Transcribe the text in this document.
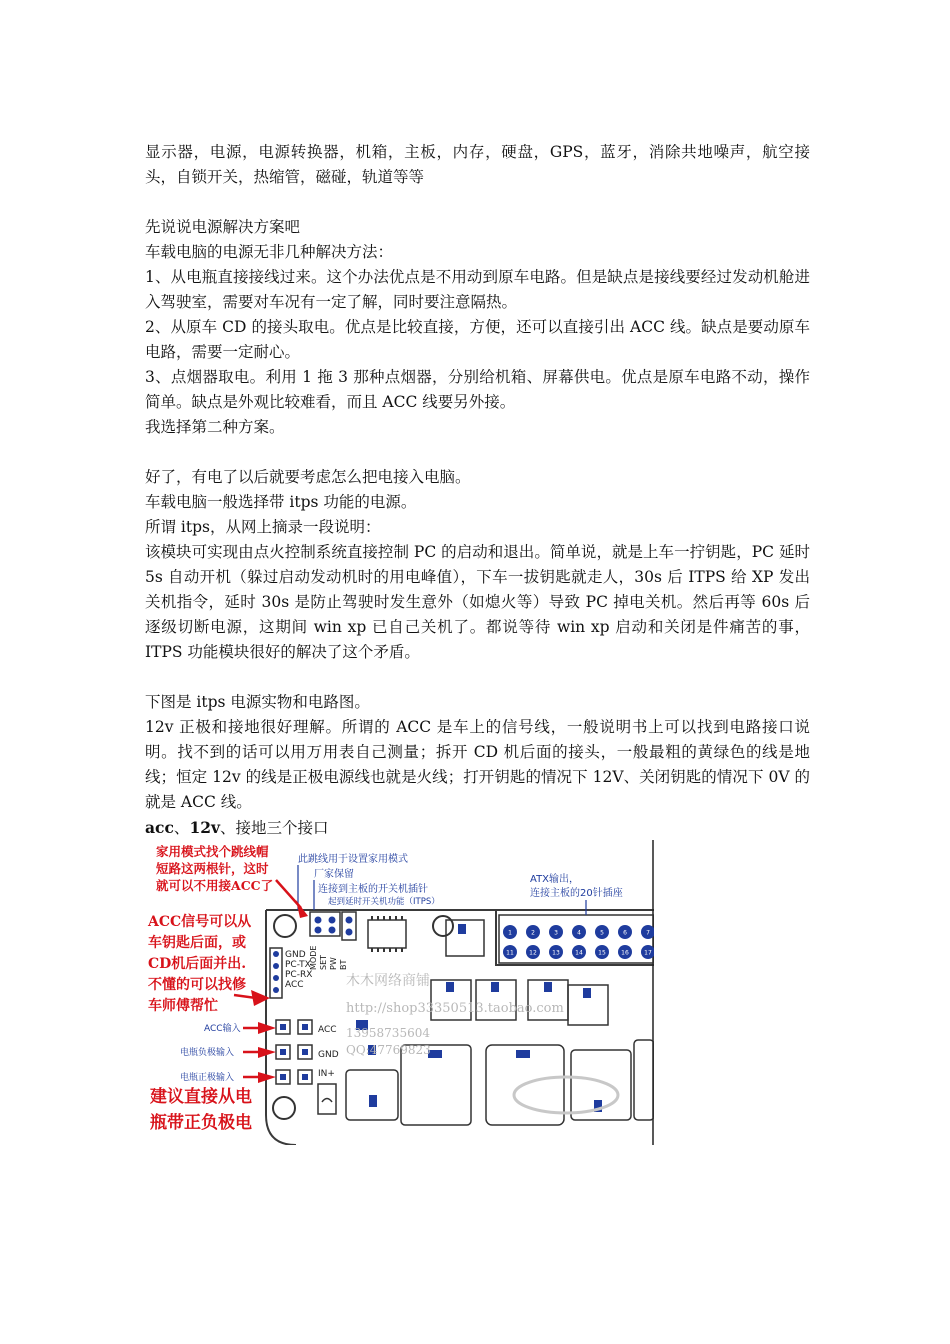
显示器，电源，电源转换器，机箱，主板，内存，硬盘，GPS，蓝牙，消除共地噪声，航空接头，自锁开关，热缩管，磁碰，轨道等等

先说说电源解决方案吧

车载电脑的电源无非几种解决方法：

1、从电瓶直接接线过来。这个办法优点是不用动到原车电路。但是缺点是接线要经过发动机舱进入驾驶室，需要对车况有一定了解，同时要注意隔热。

2、从原车 CD 的接头取电。优点是比较直接，方便，还可以直接引出 ACC 线。缺点是要动原车电路，需要一定耐心。

3、点烟器取电。利用 1 拖 3 那种点烟器，分别给机箱、屏幕供电。优点是原车电路不动，操作简单。缺点是外观比较难看，而且 ACC 线要另外接。

我选择第二种方案。

好了，有电了以后就要考虑怎么把电接入电脑。

车载电脑一般选择带 itps 功能的电源。

所谓 itps，从网上摘录一段说明：

该模块可实现由点火控制系统直接控制 PC 的启动和退出。简单说，就是上车一拧钥匙，PC 延时 5s 自动开机（躲过启动发动机时的用电峰值），下车一拔钥匙就走人，30s 后 ITPS 给 XP 发出关机指令，延时 30s 是防止驾驶时发生意外（如熄火等）导致 PC 掉电关机。然后再等 60s 后逐级切断电源，这期间 win xp 已自己关机了。都说等待 win xp 启动和关闭是件痛苦的事，ITPS 功能模块很好的解决了这个矛盾。

下图是 itps 电源实物和电路图。

12v 正极和接地很好理解。所谓的 ACC 是车上的信号线，一般说明书上可以找到电路接口说明。找不到的话可以用万用表自己测量；拆开 CD 机后面的接头，一般最粗的黄绿色的线是地线；恒定 12v 的线是正极电源线也就是火线；打开钥匙的情况下 12V、关闭钥匙的情况下 0V 的就是 ACC 线。

acc、12v、接地三个接口

1	2	3	4	5	6	7
11	12	13	14	15	16	17
GND
PC-TX
PC-RX
ACC
MODE SET PW BT
ACC
GND
IN+
木木网络商铺
http://shop33350513.taobao.com
13958735604
QQ:47769823
此跳线用于设置家用模式
厂家保留
连接到主板的开关机插针
起到延时开关机功能（ITPS）
ATX输出，
连接主板的20针插座
家用模式找个跳线帽
短路这两根针，这时
就可以不用接ACC了
ACC信号可以从
车钥匙后面，或
CD机后面并出.
不懂的可以找修
车师傅帮忙
建议直接从电
瓶带正负极电
ACC输入
电瓶负极输入
电瓶正极输入
